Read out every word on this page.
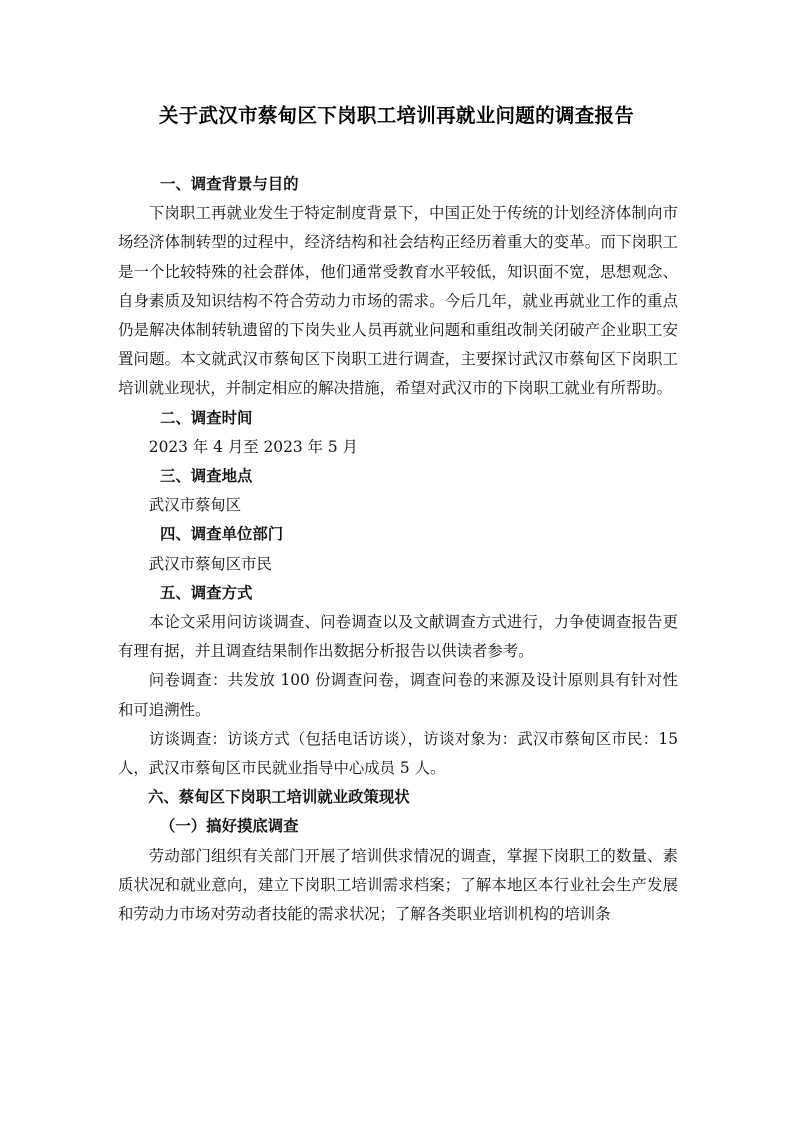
关于武汉市蔡甸区下岗职工培训再就业问题的调查报告

一、调查背景与目的

下岗职工再就业发生于特定制度背景下，中国正处于传统的计划经济体制向市场经济体制转型的过程中，经济结构和社会结构正经历着重大的变革。而下岗职工是一个比较特殊的社会群体，他们通常受教育水平较低，知识面不宽，思想观念、自身素质及知识结构不符合劳动力市场的需求。今后几年，就业再就业工作的重点仍是解决体制转轨遗留的下岗失业人员再就业问题和重组改制关闭破产企业职工安置问题。本文就武汉市蔡甸区下岗职工进行调查，主要探讨武汉市蔡甸区下岗职工培训就业现状，并制定相应的解决措施，希望对武汉市的下岗职工就业有所帮助。

二、调查时间

2023 年 4 月至 2023 年 5 月

三、调查地点

武汉市蔡甸区

四、调查单位部门

武汉市蔡甸区市民

五、调查方式

本论文采用问访谈调查、问卷调查以及文献调查方式进行，力争使调查报告更有理有据，并且调查结果制作出数据分析报告以供读者参考。

问卷调查：共发放 100 份调查问卷，调查问卷的来源及设计原则具有针对性和可追溯性。

访谈调查：访谈方式（包括电话访谈），访谈对象为：武汉市蔡甸区市民：15 人，武汉市蔡甸区市民就业指导中心成员 5 人。

六、蔡甸区下岗职工培训就业政策现状

（一）搞好摸底调查

劳动部门组织有关部门开展了培训供求情况的调查，掌握下岗职工的数量、素质状况和就业意向，建立下岗职工培训需求档案；了解本地区本行业社会生产发展和劳动力市场对劳动者技能的需求状况；了解各类职业培训机构的培训条
